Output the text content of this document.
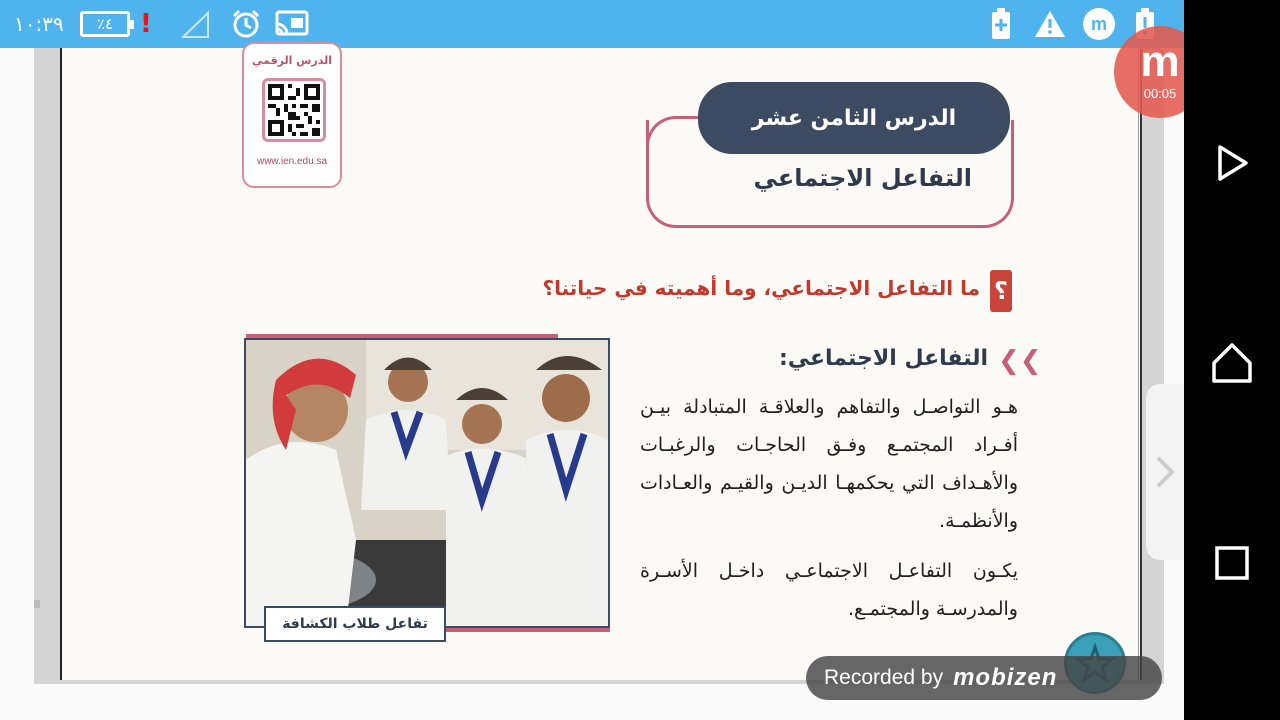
١٠:٣٩	٪٤	!	m
الدرس الرقمي
www.ien.edu.sa
الدرس الثامن عشر
التفاعل الاجتماعي
؟
ما التفاعل الاجتماعي، وما أهميته في حياتنا؟
❮❮
التفاعل الاجتماعي:
هـو التواصـل والتفاهم والعلاقـة المتبادلة بيـن أفـراد المجتمـع وفـق الحاجـات والرغبـات والأهـداف التي يحكمهـا الديـن والقيـم والعـادات والأنظمـة.
يكـون التفاعـل الاجتماعـي داخـل الأسـرة والمدرسـة والمجتمـع.
تفاعل طلاب الكشافة
m
00:05
Recorded by mobizen
